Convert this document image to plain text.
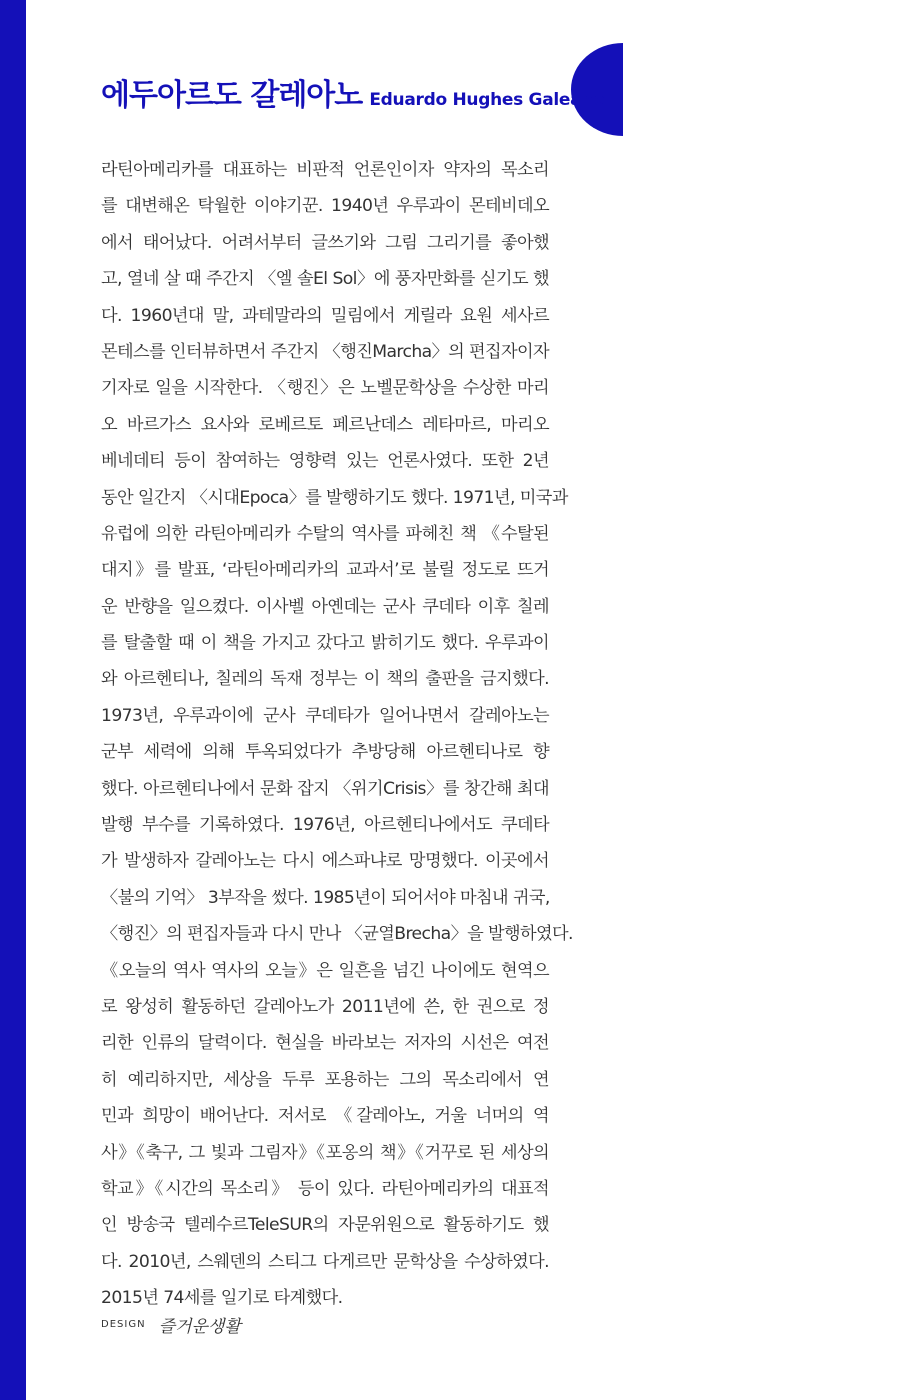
에두아르도 갈레아노 Eduardo Hughes Galeano
라틴아메리카를 대표하는 비판적 언론인이자 약자의 목소리
를 대변해온 탁월한 이야기꾼. 1940년 우루과이 몬테비데오
에서 태어났다. 어려서부터 글쓰기와 그림 그리기를 좋아했
고, 열네 살 때 주간지 〈엘 솔El Sol〉에 풍자만화를 싣기도 했
다. 1960년대 말, 과테말라의 밀림에서 게릴라 요원 세사르
몬테스를 인터뷰하면서 주간지 〈행진Marcha〉의 편집자이자
기자로 일을 시작한다. 〈행진〉은 노벨문학상을 수상한 마리
오 바르가스 요사와 로베르토 페르난데스 레타마르, 마리오
베네데티 등이 참여하는 영향력 있는 언론사였다. 또한 2년
동안 일간지 〈시대Epoca〉를 발행하기도 했다. 1971년, 미국과
유럽에 의한 라틴아메리카 수탈의 역사를 파헤친 책 《수탈된
대지》를 발표, ‘라틴아메리카의 교과서’로 불릴 정도로 뜨거
운 반향을 일으켰다. 이사벨 아옌데는 군사 쿠데타 이후 칠레
를 탈출할 때 이 책을 가지고 갔다고 밝히기도 했다. 우루과이
와 아르헨티나, 칠레의 독재 정부는 이 책의 출판을 금지했다.
1973년, 우루과이에 군사 쿠데타가 일어나면서 갈레아노는
군부 세력에 의해 투옥되었다가 추방당해 아르헨티나로 향
했다. 아르헨티나에서 문화 잡지 〈위기Crisis〉를 창간해 최대
발행 부수를 기록하였다. 1976년, 아르헨티나에서도 쿠데타
가 발생하자 갈레아노는 다시 에스파냐로 망명했다. 이곳에서
〈불의 기억〉 3부작을 썼다. 1985년이 되어서야 마침내 귀국,
〈행진〉의 편집자들과 다시 만나 〈균열Brecha〉을 발행하였다.
《오늘의 역사 역사의 오늘》은 일흔을 넘긴 나이에도 현역으
로 왕성히 활동하던 갈레아노가 2011년에 쓴, 한 권으로 정
리한 인류의 달력이다. 현실을 바라보는 저자의 시선은 여전
히 예리하지만, 세상을 두루 포용하는 그의 목소리에서 연
민과 희망이 배어난다. 저서로 《갈레아노, 거울 너머의 역
사》《축구, 그 빛과 그림자》《포옹의 책》《거꾸로 된 세상의
학교》《시간의 목소리》 등이 있다. 라틴아메리카의 대표적
인 방송국 텔레수르TeleSUR의 자문위원으로 활동하기도 했
다. 2010년, 스웨덴의 스티그 다게르만 문학상을 수상하였다.
2015년 74세를 일기로 타계했다.
DESIGN 즐거운생활
